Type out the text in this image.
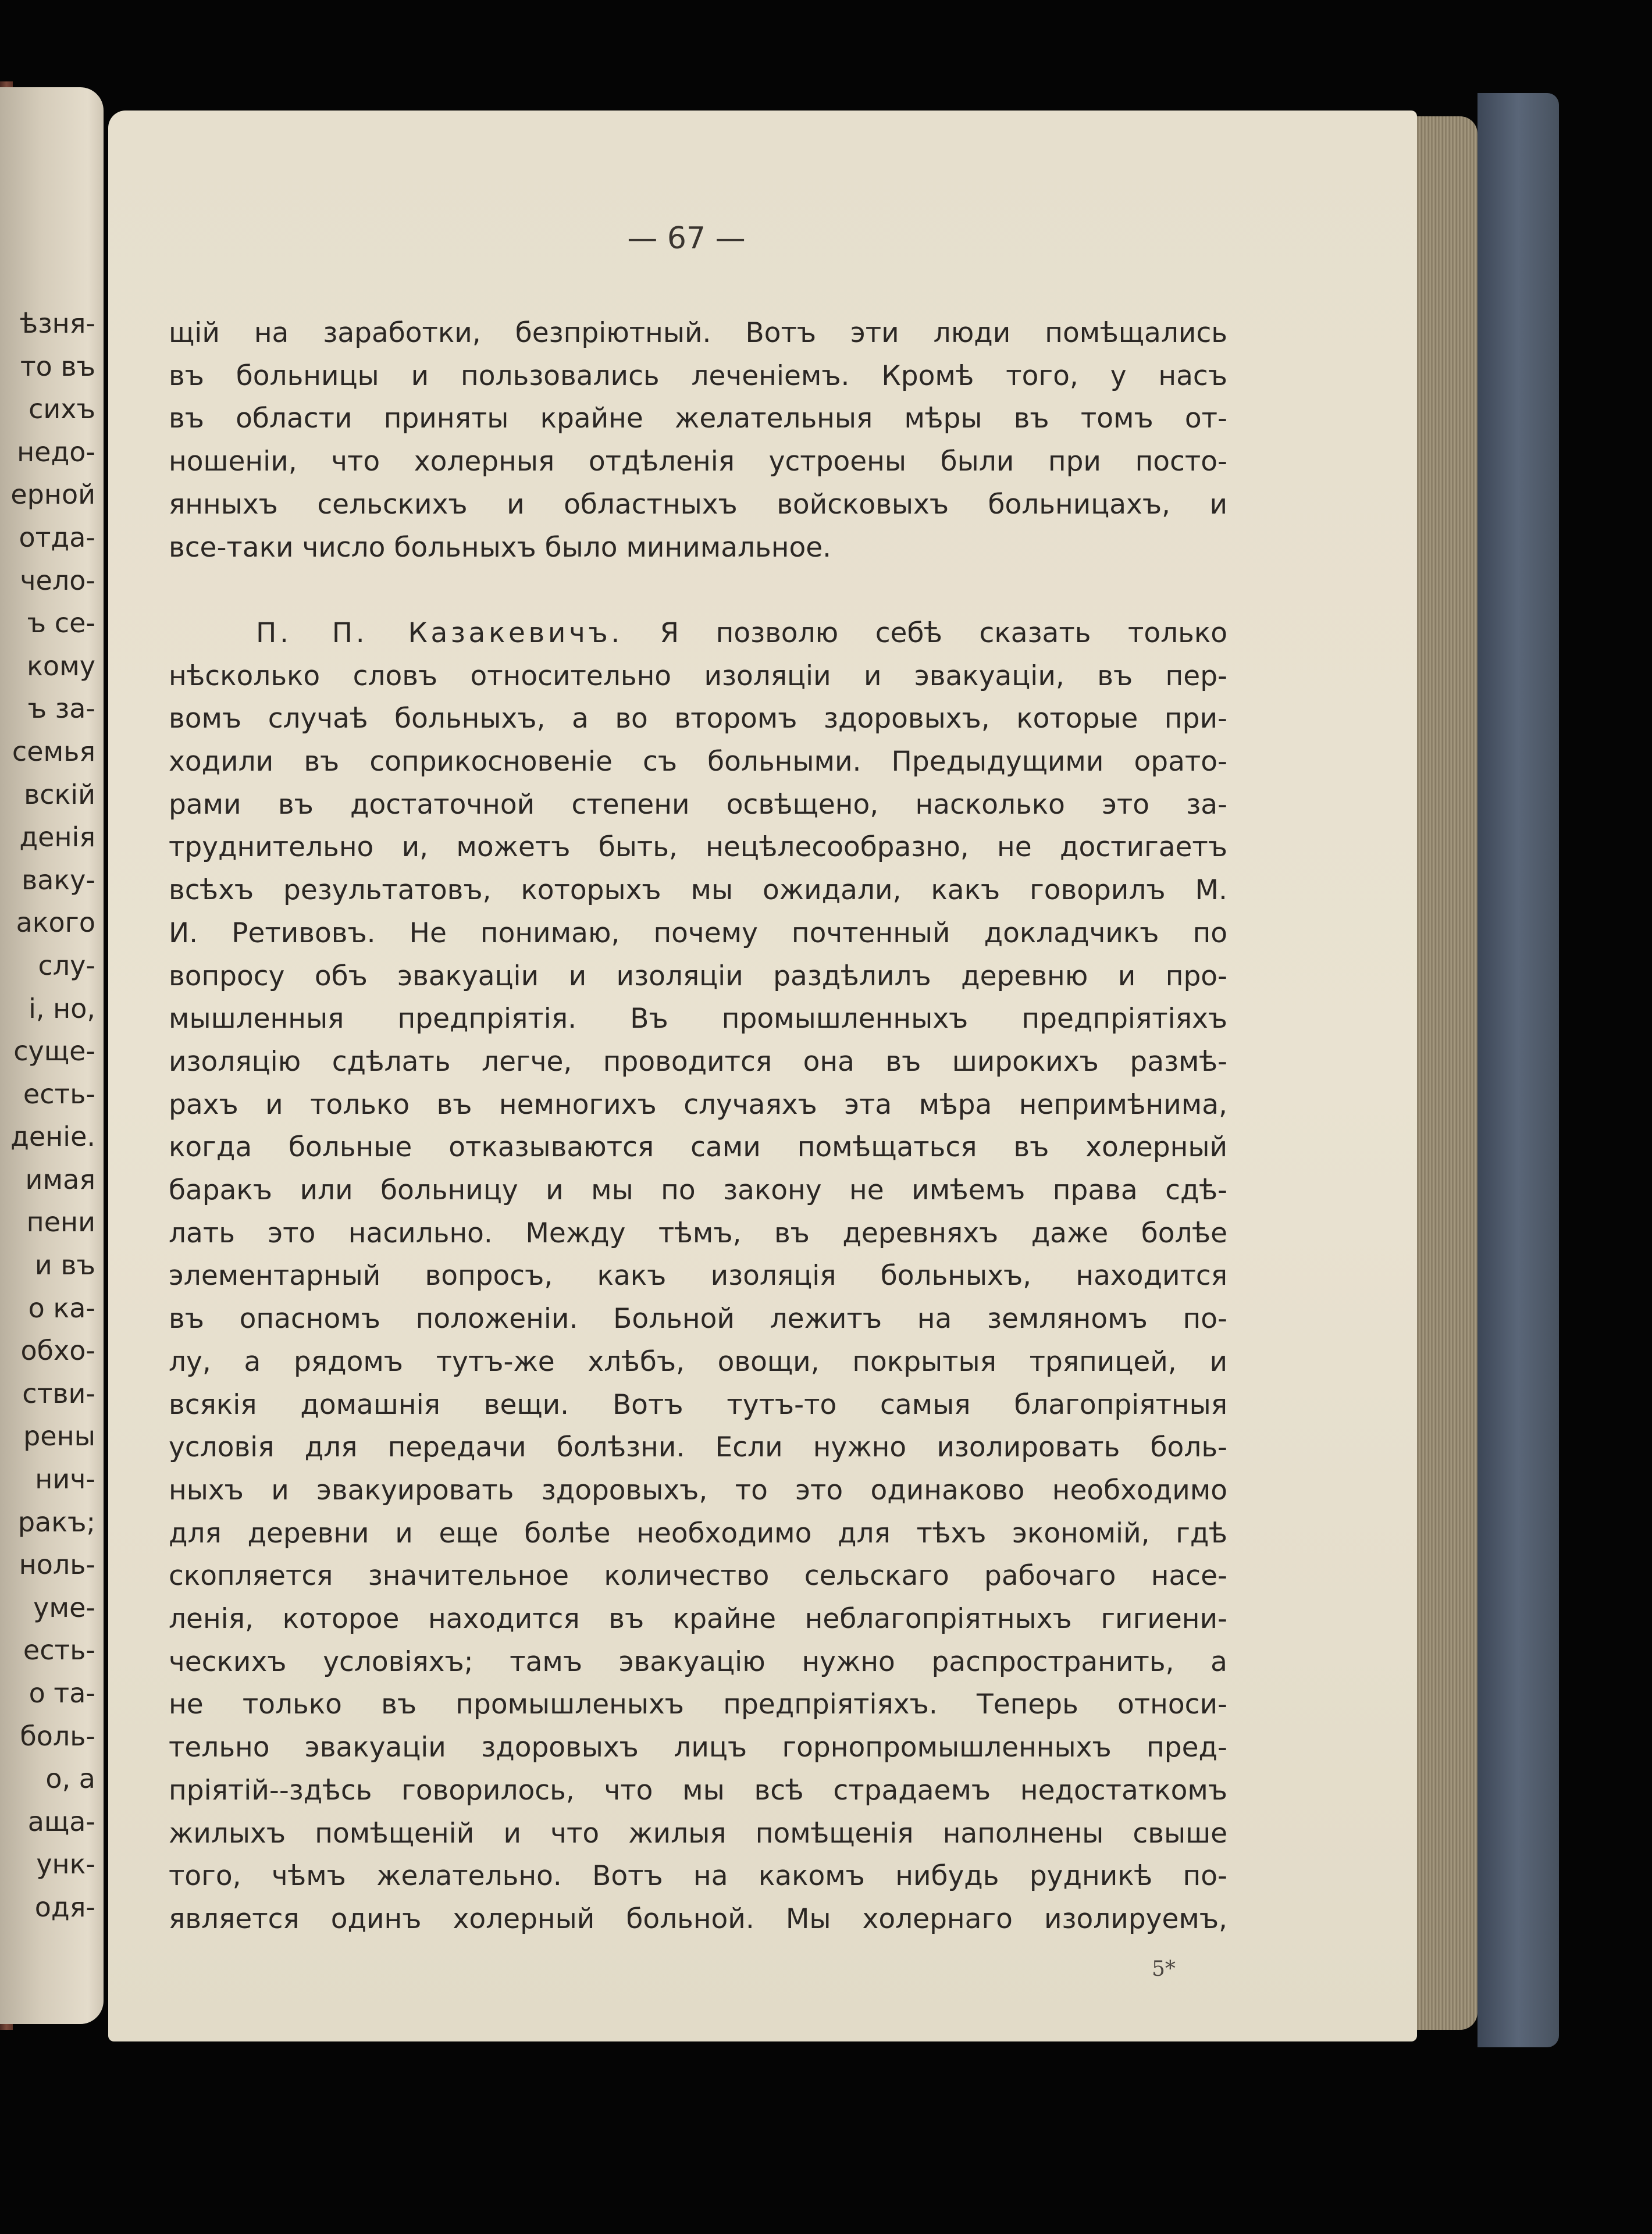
ѣзня-
то въ
сихъ
недо-
ерной
отда-
чело-
ъ се-
кому
ъ за-
семья
вскій
денія
ваку-
акого
слу-
і, но,
суще-
есть-
деніе.
имая
пени
и въ
о ка-
обхо-
стви-
рены
нич-
ракъ;
ноль-
уме-
есть-
о та-
боль-
о, а
аща-
унк-
одя-
— 67 —
щій на заработки, безпріютный. Вотъ эти люди помѣщались
въ больницы и пользовались леченіемъ. Кромѣ того, у насъ
въ области приняты крайне желательныя мѣры въ томъ от-
ношеніи, что холерныя отдѣленія устроены были при посто-
янныхъ сельскихъ и областныхъ войсковыхъ больницахъ, и
все-таки число больныхъ было минимальное.
П. П. Казакевичъ. Я позволю себѣ сказать только
нѣсколько словъ относительно изоляціи и эвакуаціи, въ пер-
вомъ случаѣ больныхъ, а во второмъ здоровыхъ, которые при-
ходили въ соприкосновеніе съ больными. Предыдущими орато-
рами въ достаточной степени освѣщено, насколько это за-
труднительно и, можетъ быть, нецѣлесообразно, не достигаетъ
всѣхъ результатовъ, которыхъ мы ожидали, какъ говорилъ М.
И. Ретивовъ. Не понимаю, почему почтенный докладчикъ по
вопросу объ эвакуаціи и изоляціи раздѣлилъ деревню и про-
мышленныя предпріятія. Въ промышленныхъ предпріятіяхъ
изоляцію сдѣлать легче, проводится она въ широкихъ размѣ-
рахъ и только въ немногихъ случаяхъ эта мѣра непримѣнима,
когда больные отказываются сами помѣщаться въ холерный
баракъ или больницу и мы по закону не имѣемъ права сдѣ-
лать это насильно. Между тѣмъ, въ деревняхъ даже болѣе
элементарный вопросъ, какъ изоляція больныхъ, находится
въ опасномъ положеніи. Больной лежитъ на земляномъ по-
лу, а рядомъ тутъ-же хлѣбъ, овощи, покрытыя тряпицей, и
всякія домашнія вещи. Вотъ тутъ-то самыя благопріятныя
условія для передачи болѣзни. Если нужно изолировать боль-
ныхъ и эвакуировать здоровыхъ, то это одинаково необходимо
для деревни и еще болѣе необходимо для тѣхъ экономій, гдѣ
скопляется значительное количество сельскаго рабочаго насе-
ленія, которое находится въ крайне неблагопріятныхъ гигиени-
ческихъ условіяхъ; тамъ эвакуацію нужно распространить, а
не только въ промышленыхъ предпріятіяхъ. Теперь относи-
тельно эвакуаціи здоровыхъ лицъ горнопромышленныхъ пред-
пріятій--здѣсь говорилось, что мы всѣ страдаемъ недостаткомъ
жилыхъ помѣщеній и что жилыя помѣщенія наполнены свыше
того, чѣмъ желательно. Вотъ на какомъ нибудь рудникѣ по-
является одинъ холерный больной. Мы холернаго изолируемъ,
5*
